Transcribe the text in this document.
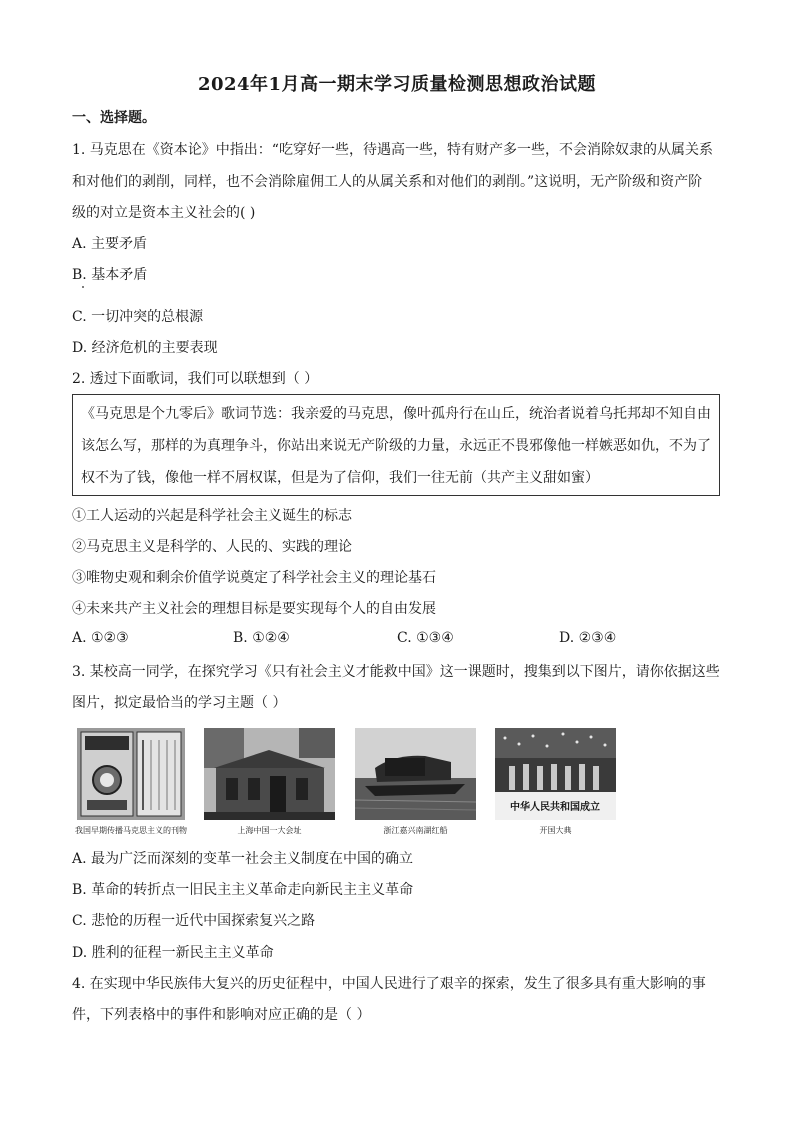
2024年1月高一期末学习质量检测思想政治试题
一、选择题。
1. 马克思在《资本论》中指出：“吃穿好一些，待遇高一些，特有财产多一些，不会消除奴隶的从属关系
和对他们的剥削，同样，也不会消除雇佣工人的从属关系和对他们的剥削。”这说明，无产阶级和资产阶
级的对立是资本主义社会的( )
A. 主要矛盾
B. 基本矛盾
C. 一切冲突的总根源
D. 经济危机的主要表现
2. 透过下面歌词，我们可以联想到（ ）
《马克思是个九零后》歌词节选：我亲爱的马克思，像叶孤舟行在山丘，统治者说着乌托邦却不知自由
该怎么写，那样的为真理争斗，你站出来说无产阶级的力量，永远正不畏邪像他一样嫉恶如仇，不为了
权不为了钱，像他一样不屑权谋，但是为了信仰，我们一往无前（共产主义甜如蜜）
①工人运动的兴起是科学社会主义诞生的标志
②马克思主义是科学的、人民的、实践的理论
③唯物史观和剩余价值学说奠定了科学社会主义的理论基石
④未来共产主义社会的理想目标是要实现每个人的自由发展
A. ①②③	B. ①②④	C. ①③④	D. ②③④
3. 某校高一同学，在探究学习《只有社会主义才能救中国》这一课题时，搜集到以下图片，请你依据这些
图片，拟定最恰当的学习主题（ ）
我国早期传播马克思主义的刊物	上海中国一大会址	浙江嘉兴南湖红船
中华人民共和国成立
开国大典
A. 最为广泛而深刻的变革一社会主义制度在中国的确立
B. 革命的转折点一旧民主主义革命走向新民主主义革命
C. 悲怆的历程一近代中国探索复兴之路
D. 胜利的征程一新民主主义革命
4. 在实现中华民族伟大复兴的历史征程中，中国人民进行了艰辛的探索，发生了很多具有重大影响的事
件，下列表格中的事件和影响对应正确的是（ ）
